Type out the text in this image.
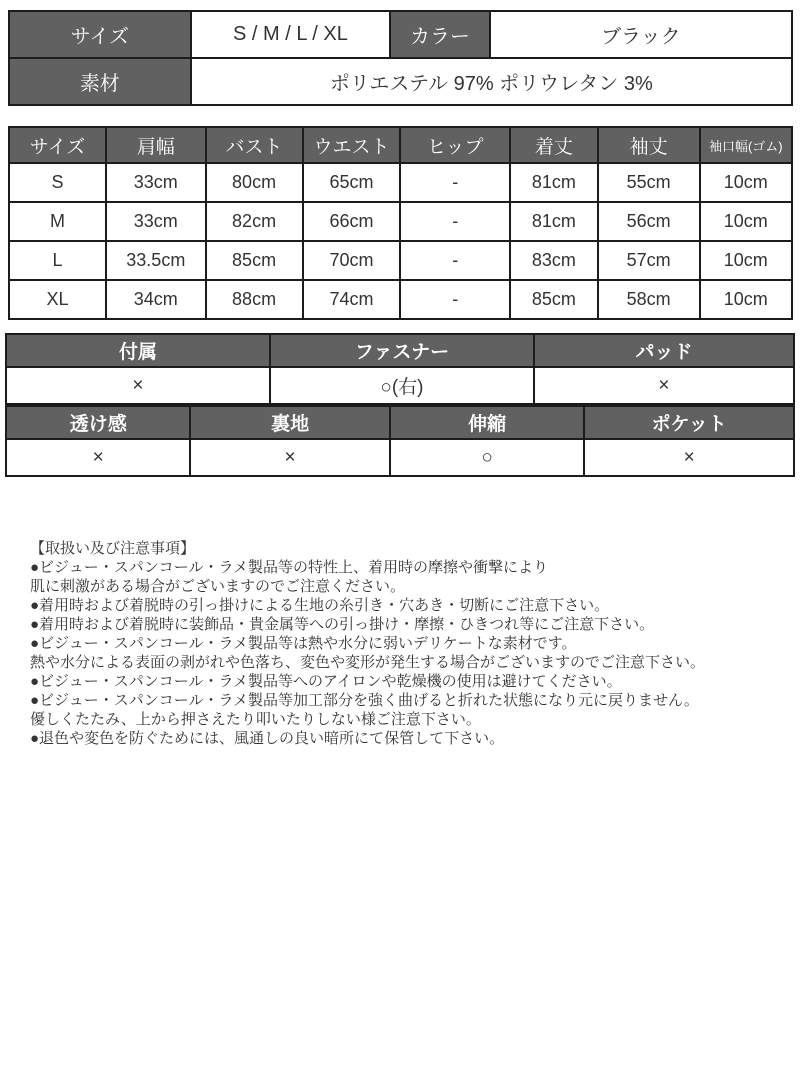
サイズ	S / M / L / XL	カラー	ブラック
素材	ポリエステル 97% ポリウレタン 3%		
サイズ	肩幅	バスト	ウエスト	ヒップ	着丈	袖丈	袖口幅(ゴム)
S	33cm	80cm	65cm	-	81cm	55cm	10cm
M	33cm	82cm	66cm	-	81cm	56cm	10cm
L	33.5cm	85cm	70cm	-	83cm	57cm	10cm
XL	34cm	88cm	74cm	-	85cm	58cm	10cm
付属	ファスナー	パッド
×	○(右)	×
透け感	裏地	伸縮	ポケット
×	×	○	×

【取扱い及び注意事項】

●ビジュー・スパンコール・ラメ製品等の特性上、着用時の摩擦や衝撃により

肌に刺激がある場合がございますのでご注意ください。

●着用時および着脱時の引っ掛けによる生地の糸引き・穴あき・切断にご注意下さい。

●着用時および着脱時に装飾品・貴金属等への引っ掛け・摩擦・ひきつれ等にご注意下さい。

●ビジュー・スパンコール・ラメ製品等は熱や水分に弱いデリケートな素材です。

熱や水分による表面の剥がれや色落ち、変色や変形が発生する場合がございますのでご注意下さい。

●ビジュー・スパンコール・ラメ製品等へのアイロンや乾燥機の使用は避けてください。

●ビジュー・スパンコール・ラメ製品等加工部分を強く曲げると折れた状態になり元に戻りません。

優しくたたみ、上から押さえたり叩いたりしない様ご注意下さい。

●退色や変色を防ぐためには、風通しの良い暗所にて保管して下さい。
